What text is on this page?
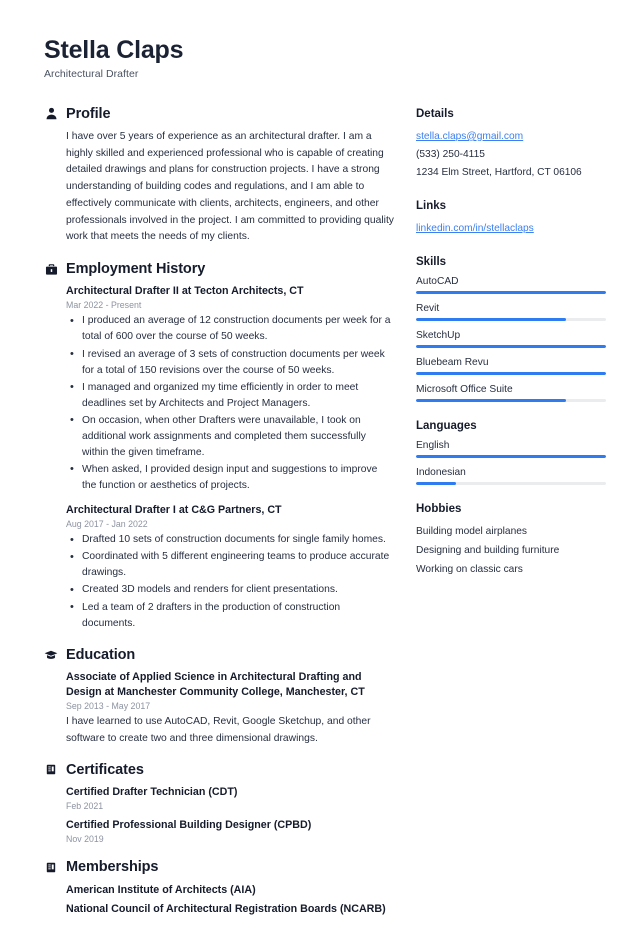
Stella Claps
Architectural Drafter
Profile
I have over 5 years of experience as an architectural drafter. I am a highly skilled and experienced professional who is capable of creating detailed drawings and plans for construction projects. I have a strong understanding of building codes and regulations, and I am able to effectively communicate with clients, architects, engineers, and other professionals involved in the project. I am committed to providing quality work that meets the needs of my clients.
Employment History
Architectural Drafter II at Tecton Architects, CT
Mar 2022 - Present
• I produced an average of 12 construction documents per week for a total of 600 over the course of 50 weeks.
• I revised an average of 3 sets of construction documents per week for a total of 150 revisions over the course of 50 weeks.
• I managed and organized my time efficiently in order to meet deadlines set by Architects and Project Managers.
• On occasion, when other Drafters were unavailable, I took on additional work assignments and completed them successfully within the given timeframe.
• When asked, I provided design input and suggestions to improve the function or aesthetics of projects.
Architectural Drafter I at C&G Partners, CT
Aug 2017 - Jan 2022
• Drafted 10 sets of construction documents for single family homes.
• Coordinated with 5 different engineering teams to produce accurate drawings.
• Created 3D models and renders for client presentations.
• Led a team of 2 drafters in the production of construction documents.
Education
Associate of Applied Science in Architectural Drafting and Design at Manchester Community College, Manchester, CT
Sep 2013 - May 2017
I have learned to use AutoCAD, Revit, Google Sketchup, and other software to create two and three dimensional drawings.
Certificates
Certified Drafter Technician (CDT)
Feb 2021
Certified Professional Building Designer (CPBD)
Nov 2019
Memberships
American Institute of Architects (AIA)
National Council of Architectural Registration Boards (NCARB)
Details
stella.claps@gmail.com
(533) 250-4115
1234 Elm Street, Hartford, CT 06106
Links
linkedin.com/in/stellaclaps
Skills
AutoCAD
Revit
SketchUp
Bluebeam Revu
Microsoft Office Suite
Languages
English
Indonesian
Hobbies
Building model airplanes
Designing and building furniture
Working on classic cars
